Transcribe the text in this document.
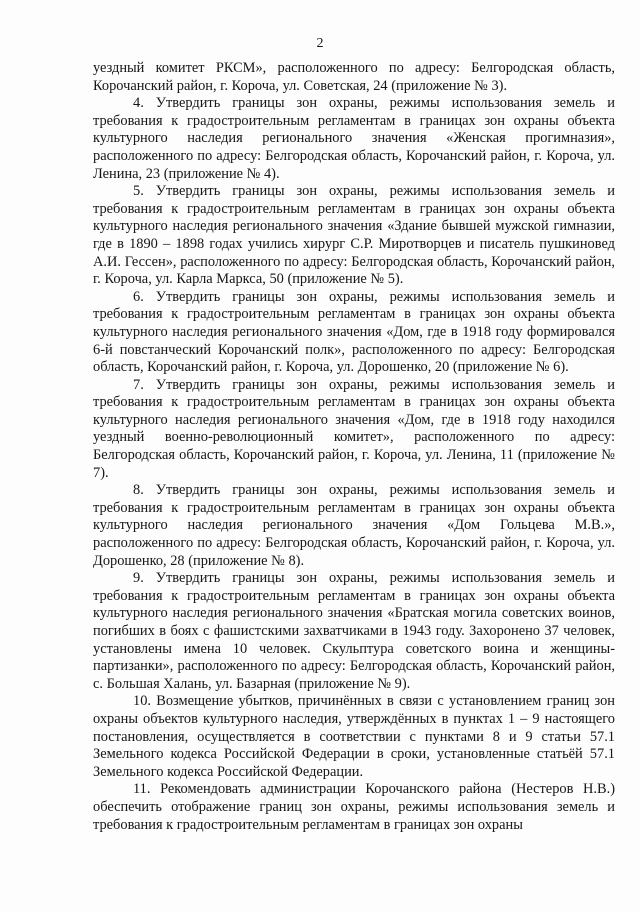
2

уездный комитет РКСМ», расположенного по адресу: Белгородская область, Корочанский район, г. Короча, ул. Советская, 24 (приложение № 3).

4. Утвердить границы зон охраны, режимы использования земель и требования к градостроительным регламентам в границах зон охраны объекта культурного наследия регионального значения «Женская прогимназия», расположенного по адресу: Белгородская область, Корочанский район, г. Короча, ул. Ленина, 23 (приложение № 4).

5. Утвердить границы зон охраны, режимы использования земель и требования к градостроительным регламентам в границах зон охраны объекта культурного наследия регионального значения «Здание бывшей мужской гимназии, где в 1890 – 1898 годах учились хирург С.Р. Миротворцев и писатель пушкиновед А.И. Гессен», расположенного по адресу: Белгородская область, Корочанский район, г. Короча, ул. Карла Маркса, 50 (приложение № 5).

6. Утвердить границы зон охраны, режимы использования земель и требования к градостроительным регламентам в границах зон охраны объекта культурного наследия регионального значения «Дом, где в 1918 году формировался 6-й повстанческий Корочанский полк», расположенного по адресу: Белгородская область, Корочанский район, г. Короча, ул. Дорошенко, 20 (приложение № 6).

7. Утвердить границы зон охраны, режимы использования земель и требования к градостроительным регламентам в границах зон охраны объекта культурного наследия регионального значения «Дом, где в 1918 году находился уездный военно-революционный комитет», расположенного по адресу: Белгородская область, Корочанский район, г. Короча, ул. Ленина, 11 (приложение № 7).

8. Утвердить границы зон охраны, режимы использования земель и требования к градостроительным регламентам в границах зон охраны объекта культурного наследия регионального значения «Дом Гольцева М.В.», расположенного по адресу: Белгородская область, Корочанский район, г. Короча, ул. Дорошенко, 28 (приложение № 8).

9. Утвердить границы зон охраны, режимы использования земель и требования к градостроительным регламентам в границах зон охраны объекта культурного наследия регионального значения «Братская могила советских воинов, погибших в боях с фашистскими захватчиками в 1943 году. Захоронено 37 человек, установлены имена 10 человек. Скульптура советского воина и женщины-партизанки», расположенного по адресу: Белгородская область, Корочанский район, с. Большая Халань, ул. Базарная (приложение № 9).

10. Возмещение убытков, причинённых в связи с установлением границ зон охраны объектов культурного наследия, утверждённых в пунктах 1 – 9 настоящего постановления, осуществляется в соответствии с пунктами 8 и 9 статьи 57.1 Земельного кодекса Российской Федерации в сроки, установленные статьёй 57.1 Земельного кодекса Российской Федерации.

11. Рекомендовать администрации Корочанского района (Нестеров Н.В.) обеспечить отображение границ зон охраны, режимы использования земель и требования к градостроительным регламентам в границах зон охраны
